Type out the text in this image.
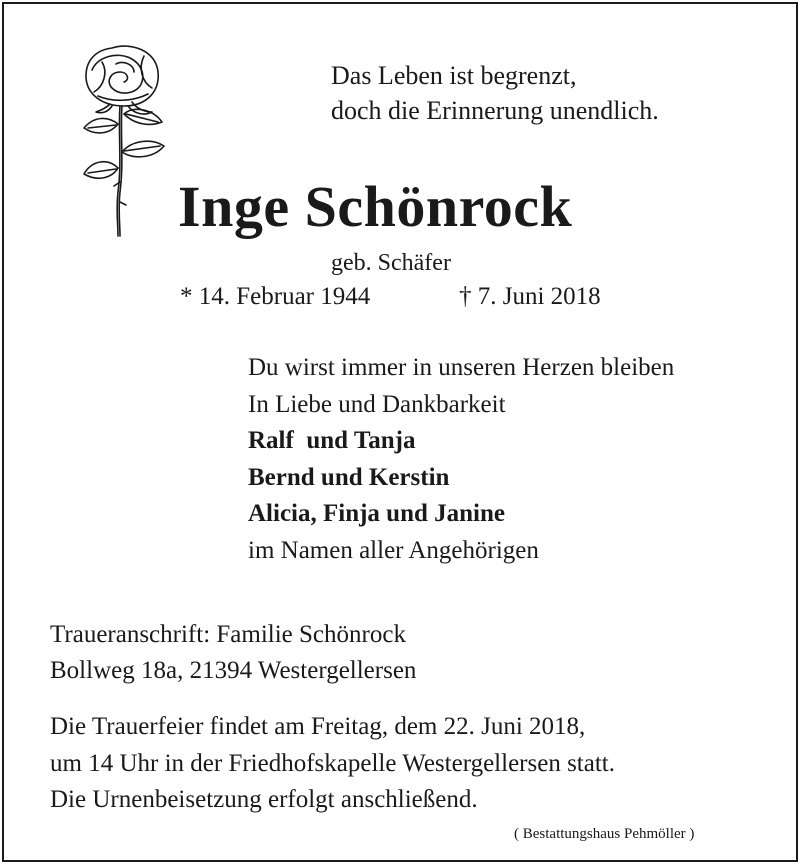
Das Leben ist begrenzt,
doch die Erinnerung unendlich.
Inge Schönrock
geb. Schäfer
* 14. Februar 1944	† 7. Juni 2018
Du wirst immer in unseren Herzen bleiben
In Liebe und Dankbarkeit
Ralf  und Tanja
Bernd und Kerstin
Alicia, Finja und Janine
im Namen aller Angehörigen
Traueranschrift: Familie Schönrock
Bollweg 18a, 21394 Westergellersen
Die Trauerfeier findet am Freitag, dem 22. Juni 2018,
um 14 Uhr in der Friedhofskapelle Westergellersen statt.
Die Urnenbeisetzung erfolgt anschließend.
( Bestattungshaus Pehmöller )
